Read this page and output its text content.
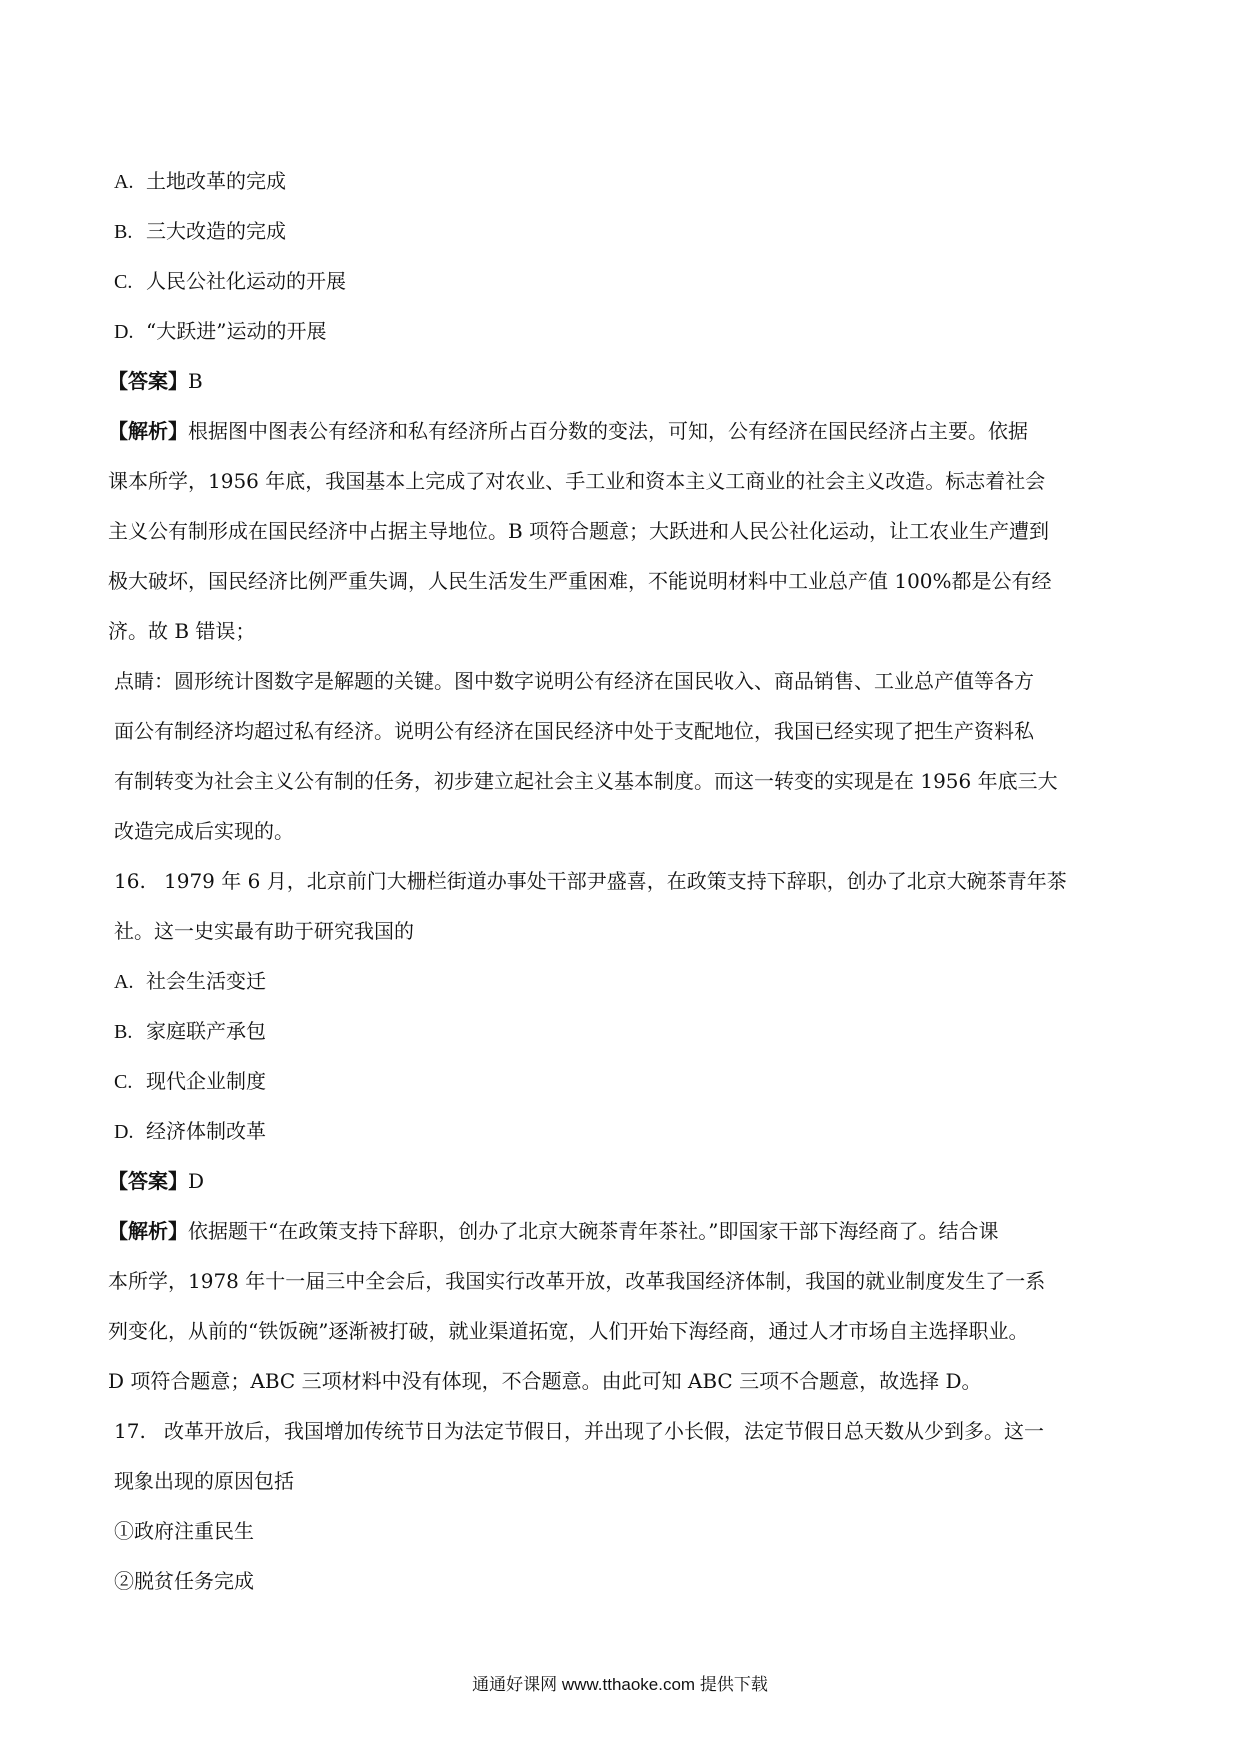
A. 土地改革的完成
B. 三大改造的完成
C. 人民公社化运动的开展
D. “大跃进”运动的开展
【答案】B
【解析】根据图中图表公有经济和私有经济所占百分数的变法，可知，公有经济在国民经济占主要。依据
课本所学，1956 年底，我国基本上完成了对农业、手工业和资本主义工商业的社会主义改造。标志着社会
主义公有制形成在国民经济中占据主导地位。B 项符合题意；大跃进和人民公社化运动，让工农业生产遭到
极大破坏，国民经济比例严重失调，人民生活发生严重困难，不能说明材料中工业总产值 100%都是公有经
济。故 B 错误；
点睛：圆形统计图数字是解题的关键。图中数字说明公有经济在国民收入、商品销售、工业总产值等各方
面公有制经济均超过私有经济。说明公有经济在国民经济中处于支配地位，我国已经实现了把生产资料私
有制转变为社会主义公有制的任务，初步建立起社会主义基本制度。而这一转变的实现是在 1956 年底三大
改造完成后实现的。
16. 1979 年 6 月，北京前门大栅栏街道办事处干部尹盛喜，在政策支持下辞职，创办了北京大碗茶青年茶
社。这一史实最有助于研究我国的
A. 社会生活变迁
B. 家庭联产承包
C. 现代企业制度
D. 经济体制改革
【答案】D
【解析】依据题干“在政策支持下辞职，创办了北京大碗茶青年茶社。”即国家干部下海经商了。结合课
本所学，1978 年十一届三中全会后，我国实行改革开放，改革我国经济体制，我国的就业制度发生了一系
列变化，从前的“铁饭碗”逐渐被打破，就业渠道拓宽，人们开始下海经商，通过人才市场自主选择职业。
D 项符合题意；ABC 三项材料中没有体现，不合题意。由此可知 ABC 三项不合题意，故选择 D。
17. 改革开放后，我国增加传统节日为法定节假日，并出现了小长假，法定节假日总天数从少到多。这一
现象出现的原因包括
①政府注重民生
②脱贫任务完成
通通好课网 www.tthaoke.com 提供下载
